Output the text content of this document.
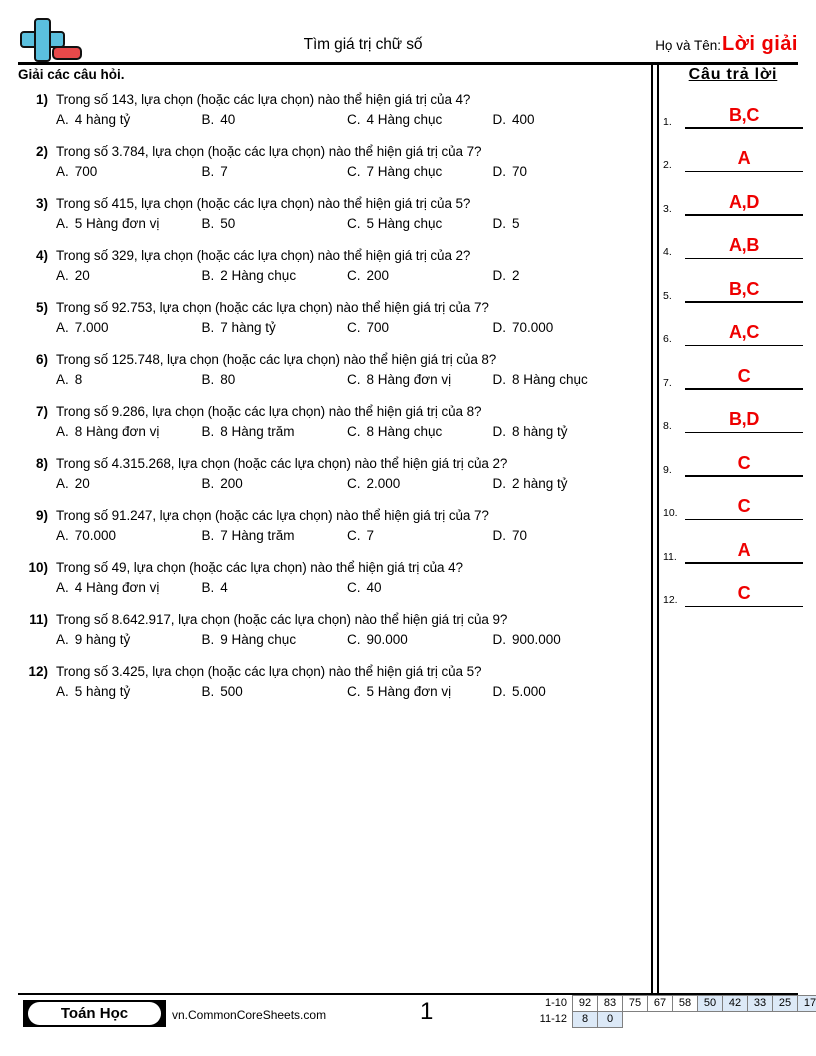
Tìm giá trị chữ số	Họ và Tên: Lời giải
Giải các câu hỏi.
1) Trong số 143, lựa chọn (hoặc các lựa chọn) nào thể hiện giá trị của 4?
A. 4 hàng tỷ	B. 40	C. 4 Hàng chục	D. 400
2) Trong số 3.784, lựa chọn (hoặc các lựa chọn) nào thể hiện giá trị của 7?
A. 700	B. 7	C. 7 Hàng chục	D. 70
3) Trong số 415, lựa chọn (hoặc các lựa chọn) nào thể hiện giá trị của 5?
A. 5 Hàng đơn vị	B. 50	C. 5 Hàng chục	D. 5
4) Trong số 329, lựa chọn (hoặc các lựa chọn) nào thể hiện giá trị của 2?
A. 20	B. 2 Hàng chục	C. 200	D. 2
5) Trong số 92.753, lựa chọn (hoặc các lựa chọn) nào thể hiện giá trị của 7?
A. 7.000	B. 7 hàng tỷ	C. 700	D. 70.000
6) Trong số 125.748, lựa chọn (hoặc các lựa chọn) nào thể hiện giá trị của 8?
A. 8	B. 80	C. 8 Hàng đơn vị	D. 8 Hàng chục
7) Trong số 9.286, lựa chọn (hoặc các lựa chọn) nào thể hiện giá trị của 8?
A. 8 Hàng đơn vị	B. 8 Hàng trăm	C. 8 Hàng chục	D. 8 hàng tỷ
8) Trong số 4.315.268, lựa chọn (hoặc các lựa chọn) nào thể hiện giá trị của 2?
A. 20	B. 200	C. 2.000	D. 2 hàng tỷ
9) Trong số 91.247, lựa chọn (hoặc các lựa chọn) nào thể hiện giá trị của 7?
A. 70.000	B. 7 Hàng trăm	C. 7	D. 70
10) Trong số 49, lựa chọn (hoặc các lựa chọn) nào thể hiện giá trị của 4?
A. 4 Hàng đơn vị	B. 4	C. 40
11) Trong số 8.642.917, lựa chọn (hoặc các lựa chọn) nào thể hiện giá trị của 9?
A. 9 hàng tỷ	B. 9 Hàng chục	C. 90.000	D. 900.000
12) Trong số 3.425, lựa chọn (hoặc các lựa chọn) nào thể hiện giá trị của 5?
A. 5 hàng tỷ	B. 500	C. 5 Hàng đơn vị	D. 5.000
Câu trả lời
1.	B,C
2.	A
3.	A,D
4.	A,B
5.	B,C
6.	A,C
7.	C
8.	B,D
9.	C
10.	C
11.	A
12.	C
Toán Học	vn.CommonCoreSheets.com	1	1-10	92	83	75	67	58	50	42	33	25	17
11-12	8	0
